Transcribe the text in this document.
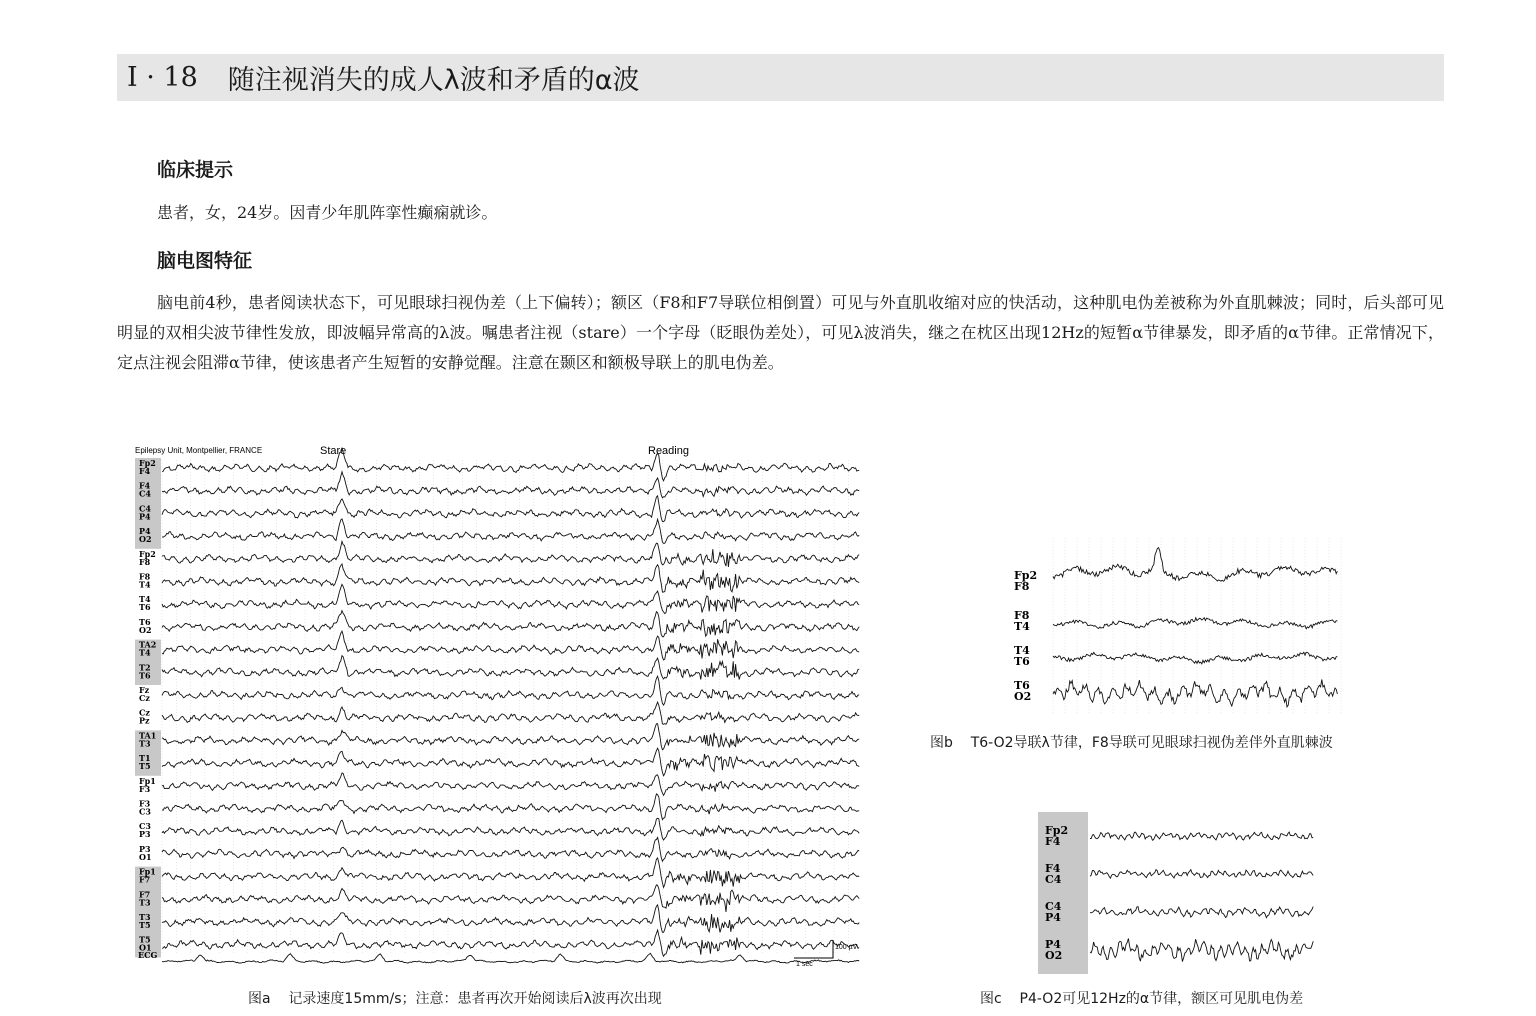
I · 18 随注视消失的成人λ波和矛盾的α波
临床提示

患者，女，24岁。因青少年肌阵挛性癫痫就诊。

脑电图特征

脑电前4秒，患者阅读状态下，可见眼球扫视伪差（上下偏转）；额区（F8和F7导联位相倒置）可见与外直肌收缩对应的快活动，这种肌电伪差被称为外直肌棘波；同时，后头部可见明显的双相尖波节律性发放，即波幅异常高的λ波。嘱患者注视（stare）一个字母（眨眼伪差处），可见λ波消失，继之在枕区出现12Hz的短暂α节律暴发，即矛盾的α节律。正常情况下，定点注视会阻滞α节律，使该患者产生短暂的安静觉醒。注意在颞区和额极导联上的肌电伪差。

Epilepsy Unit, Montpellier, FRANCE	Stare	Reading
Fp2 F4
F4 C4
C4 P4
P4 O2
Fp2 F8
F8 T4
T4 T6
T6 O2
TA2 T4
T2 T6
Fz Cz
Cz Pz
TA1 T3
T1 T5
Fp1 F3
F3 C3
C3 P3
P3 O1
Fp1 F7
F7 T3
T3 T5
T5 O1
ECG
100 µV
1 sec
图a 记录速度15mm/s；注意：患者再次开始阅读后λ波再次出现
Fp2 F8
F8 T4
T4 T6
T6 O2
图b T6-O2导联λ节律，F8导联可见眼球扫视伪差伴外直肌棘波
Fp2 F4
F4 C4
C4 P4
P4 O2
图c P4-O2可见12Hz的α节律，额区可见肌电伪差
